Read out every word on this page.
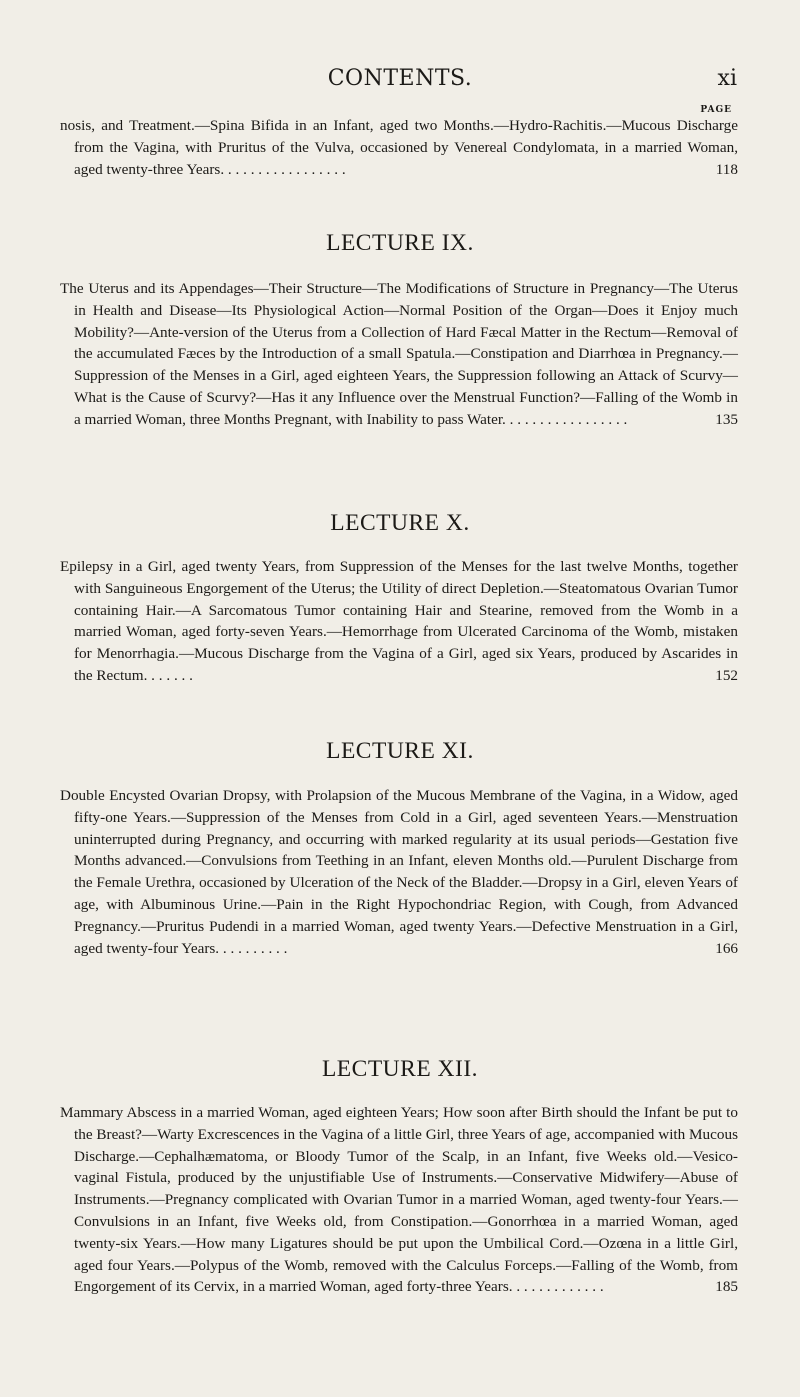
CONTENTS.	xi
PAGE

nosis, and Treatment.—Spina Bifida in an Infant, aged two Months.—Hydro-Rachitis.—Mucous Discharge from the Vagina, with Pruritus of the Vulva, occasioned by Venereal Condylomata, in a married Woman, aged twenty-three Years. . . . . . . . . . . . . . . . .	118

LECTURE IX.

The Uterus and its Appendages—Their Structure—The Modifications of Structure in Pregnancy—The Uterus in Health and Disease—Its Physiological Action—Normal Position of the Organ—Does it Enjoy much Mobility?—Ante-version of the Uterus from a Collection of Hard Fæcal Matter in the Rectum—Removal of the accumulated Fæces by the Introduction of a small Spatula.—Constipation and Diarrhœa in Pregnancy.—Suppression of the Menses in a Girl, aged eighteen Years, the Suppression following an Attack of Scurvy—What is the Cause of Scurvy?—Has it any Influence over the Menstrual Function?—Falling of the Womb in a married Woman, three Months Pregnant, with Inability to pass Water. . . . . . . . . . . . . . . . .	135

LECTURE X.

Epilepsy in a Girl, aged twenty Years, from Suppression of the Menses for the last twelve Months, together with Sanguineous Engorgement of the Uterus; the Utility of direct Depletion.—Steatomatous Ovarian Tumor containing Hair.—A Sarcomatous Tumor containing Hair and Stearine, removed from the Womb in a married Woman, aged forty-seven Years.—Hemorrhage from Ulcerated Carcinoma of the Womb, mistaken for Menorrhagia.—Mucous Discharge from the Vagina of a Girl, aged six Years, produced by Ascarides in the Rectum. . . . . . .	152

LECTURE XI.

Double Encysted Ovarian Dropsy, with Prolapsion of the Mucous Membrane of the Vagina, in a Widow, aged fifty-one Years.—Suppression of the Menses from Cold in a Girl, aged seventeen Years.—Menstruation uninterrupted during Pregnancy, and occurring with marked regularity at its usual periods—Gestation five Months advanced.—Convulsions from Teething in an Infant, eleven Months old.—Purulent Discharge from the Female Urethra, occasioned by Ulceration of the Neck of the Bladder.—Dropsy in a Girl, eleven Years of age, with Albuminous Urine.—Pain in the Right Hypochondriac Region, with Cough, from Advanced Pregnancy.—Pruritus Pudendi in a married Woman, aged twenty Years.—Defective Menstruation in a Girl, aged twenty-four Years. . . . . . . . . .	166

LECTURE XII.

Mammary Abscess in a married Woman, aged eighteen Years; How soon after Birth should the Infant be put to the Breast?—Warty Excrescences in the Vagina of a little Girl, three Years of age, accompanied with Mucous Discharge.—Cephalhæmatoma, or Bloody Tumor of the Scalp, in an Infant, five Weeks old.—Vesico-vaginal Fistula, produced by the unjustifiable Use of Instruments.—Conservative Midwifery—Abuse of Instruments.—Pregnancy complicated with Ovarian Tumor in a married Woman, aged twenty-four Years.—Convulsions in an Infant, five Weeks old, from Constipation.—Gonorrhœa in a married Woman, aged twenty-six Years.—How many Ligatures should be put upon the Umbilical Cord.—Ozœna in a little Girl, aged four Years.—Polypus of the Womb, removed with the Calculus Forceps.—Falling of the Womb, from Engorgement of its Cervix, in a married Woman, aged forty-three Years. . . . . . . . . . . . .	185
